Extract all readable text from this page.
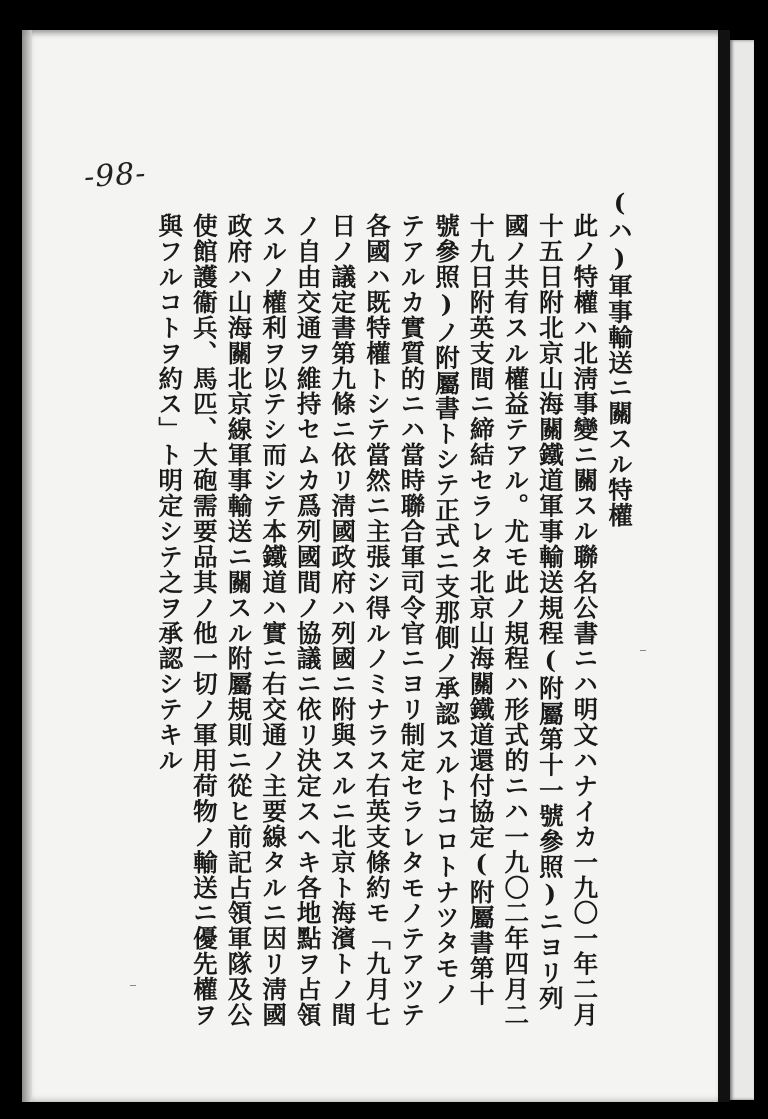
-98-

(ハ)軍事輸送ニ關スル特權

此ノ特權ハ北淸事變ニ關スル聯名公書ニハ明文ハナイカ一九〇一年二月十五日附北京山海關鐵道軍事輸送規程(附屬第十一號參照)ニヨリ列國ノ共有スル權益テアル。尤モ此ノ規程ハ形式的ニハ一九〇二年四月二十九日附英支間ニ締結セラレタ北京山海關鐵道還付協定(附屬書第十號參照)ノ附屬書トシテ正式ニ支那側ノ承認スルトコロトナツタモノテアルカ實質的ニハ當時聯合軍司令官ニヨリ制定セラレタモノテアツテ各國ハ既特權トシテ當然ニ主張シ得ルノミナラス右英支條約モ「九月七日ノ議定書第九條ニ依リ淸國政府ハ列國ニ附與スルニ北京ト海濱トノ間ノ自由交通ヲ維持セムカ爲列國間ノ協議ニ依リ決定スヘキ各地點ヲ占領スルノ權利ヲ以テシ而シテ本鐵道ハ實ニ右交通ノ主要線タルニ因リ淸國政府ハ山海關北京線軍事輸送ニ關スル附屬規則ニ從ヒ前記占領軍隊及公使館護衞兵、馬匹、大砲需要品其ノ他一切ノ軍用荷物ノ輸送ニ優先權ヲ與フルコトヲ約ス」ト明定シテ之ヲ承認シテキル
